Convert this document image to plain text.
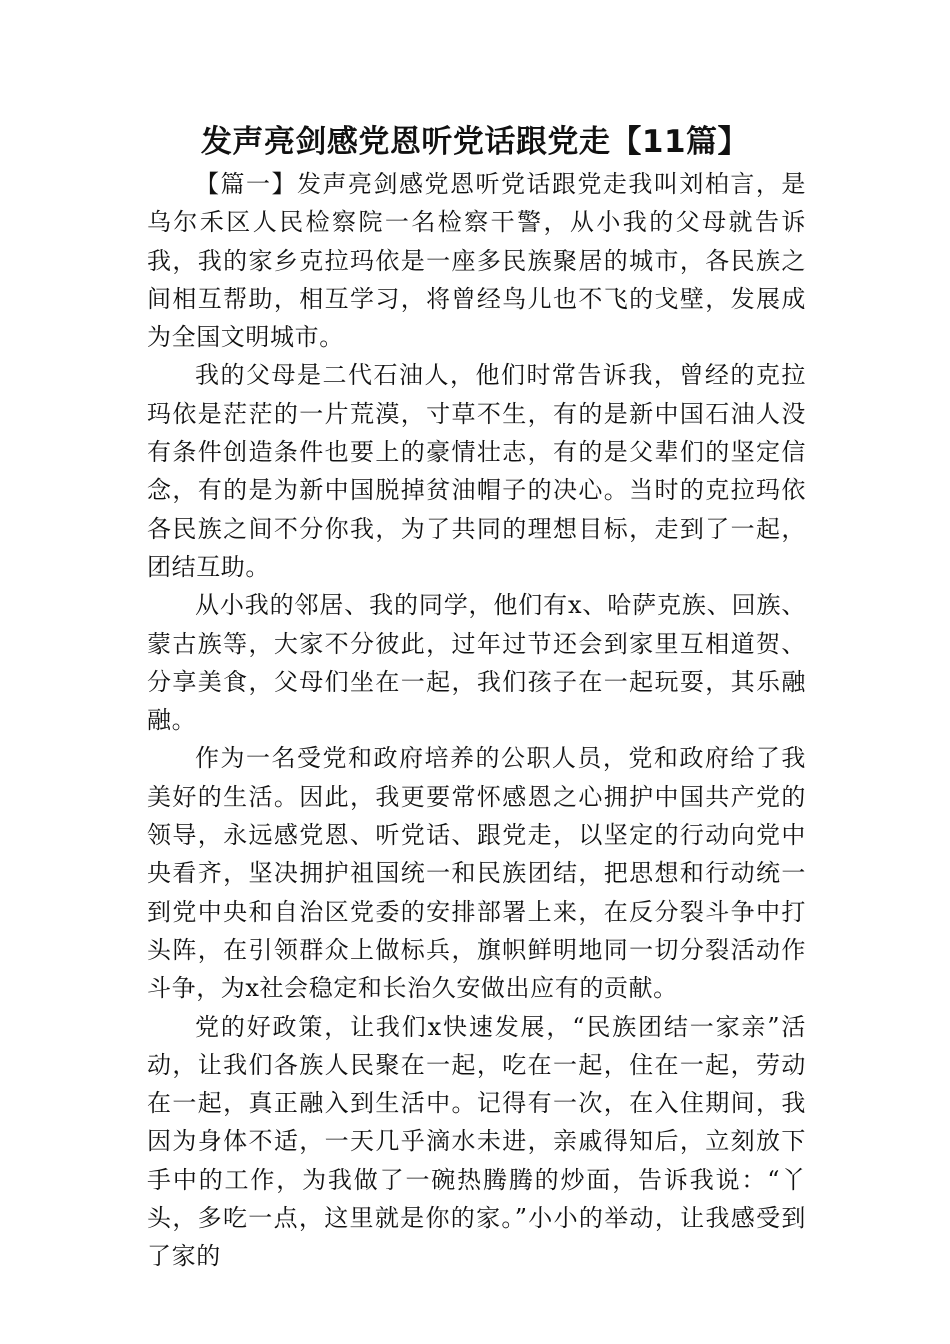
发声亮剑感党恩听党话跟党走【11篇】

【篇一】发声亮剑感党恩听党话跟党走我叫刘柏言，是乌尔禾区人民检察院一名检察干警，从小我的父母就告诉我，我的家乡克拉玛依是一座多民族聚居的城市，各民族之间相互帮助，相互学习，将曾经鸟儿也不飞的戈壁，发展成为全国文明城市。

我的父母是二代石油人，他们时常告诉我，曾经的克拉玛依是茫茫的一片荒漠，寸草不生，有的是新中国石油人没有条件创造条件也要上的豪情壮志，有的是父辈们的坚定信念，有的是为新中国脱掉贫油帽子的决心。当时的克拉玛依各民族之间不分你我，为了共同的理想目标，走到了一起，团结互助。

从小我的邻居、我的同学，他们有x、哈萨克族、回族、蒙古族等，大家不分彼此，过年过节还会到家里互相道贺、分享美食，父母们坐在一起，我们孩子在一起玩耍，其乐融融。

作为一名受党和政府培养的公职人员，党和政府给了我美好的生活。因此，我更要常怀感恩之心拥护中国共产党的领导，永远感党恩、听党话、跟党走，以坚定的行动向党中央看齐，坚决拥护祖国统一和民族团结，把思想和行动统一到党中央和自治区党委的安排部署上来，在反分裂斗争中打头阵，在引领群众上做标兵，旗帜鲜明地同一切分裂活动作斗争，为x社会稳定和长治久安做出应有的贡献。

党的好政策，让我们x快速发展，“民族团结一家亲”活动，让我们各族人民聚在一起，吃在一起，住在一起，劳动在一起，真正融入到生活中。记得有一次，在入住期间，我因为身体不适，一天几乎滴水未进，亲戚得知后，立刻放下手中的工作，为我做了一碗热腾腾的炒面，告诉我说：“丫头，多吃一点，这里就是你的家。”小小的举动，让我感受到了家的
